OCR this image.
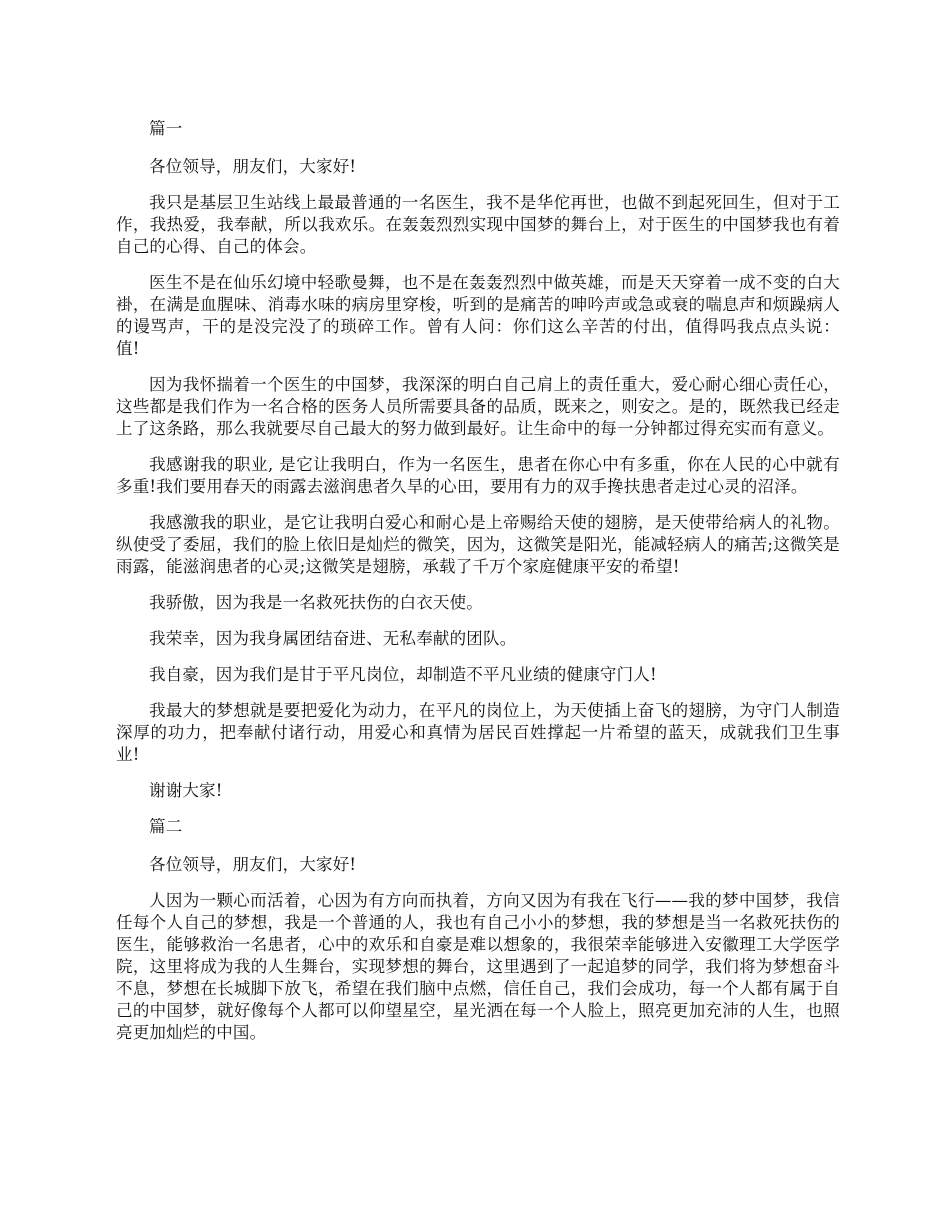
篇一

各位领导，朋友们，大家好!

我只是基层卫生站线上最最普通的一名医生，我不是华佗再世，也做不到起死回生，但对于工作，我热爱，我奉献，所以我欢乐。在轰轰烈烈实现中国梦的舞台上，对于医生的中国梦我也有着自己的心得、自己的体会。

医生不是在仙乐幻境中轻歌曼舞，也不是在轰轰烈烈中做英雄，而是天天穿着一成不变的白大褂，在满是血腥味、消毒水味的病房里穿梭，听到的是痛苦的呻吟声或急或衰的喘息声和烦躁病人的谩骂声，干的是没完没了的琐碎工作。曾有人问：你们这么辛苦的付出，值得吗我点点头说：值!

因为我怀揣着一个医生的中国梦，我深深的明白自己肩上的责任重大，爱心耐心细心责任心，这些都是我们作为一名合格的医务人员所需要具备的品质，既来之，则安之。是的，既然我已经走上了这条路，那么我就要尽自己最大的努力做到最好。让生命中的每一分钟都过得充实而有意义。

我感谢我的职业, 是它让我明白，作为一名医生，患者在你心中有多重，你在人民的心中就有多重!我们要用春天的雨露去滋润患者久旱的心田，要用有力的双手搀扶患者走过心灵的沼泽。

我感激我的职业，是它让我明白爱心和耐心是上帝赐给天使的翅膀，是天使带给病人的礼物。纵使受了委屈，我们的脸上依旧是灿烂的微笑，因为，这微笑是阳光，能减轻病人的痛苦;这微笑是雨露，能滋润患者的心灵;这微笑是翅膀，承载了千万个家庭健康平安的希望!

我骄傲，因为我是一名救死扶伤的白衣天使。

我荣幸，因为我身属团结奋进、无私奉献的团队。

我自豪，因为我们是甘于平凡岗位，却制造不平凡业绩的健康守门人!

我最大的梦想就是要把爱化为动力，在平凡的岗位上，为天使插上奋飞的翅膀，为守门人制造深厚的功力，把奉献付诸行动，用爱心和真情为居民百姓撑起一片希望的蓝天，成就我们卫生事业!

谢谢大家!

篇二

各位领导，朋友们，大家好!

人因为一颗心而活着，心因为有方向而执着，方向又因为有我在飞行——我的梦中国梦，我信任每个人自己的梦想，我是一个普通的人，我也有自己小小的梦想，我的梦想是当一名救死扶伤的医生，能够救治一名患者，心中的欢乐和自豪是难以想象的，我很荣幸能够进入安徽理工大学医学院，这里将成为我的人生舞台，实现梦想的舞台，这里遇到了一起追梦的同学，我们将为梦想奋斗不息，梦想在长城脚下放飞，希望在我们脑中点燃，信任自己，我们会成功，每一个人都有属于自己的中国梦，就好像每个人都可以仰望星空，星光洒在每一个人脸上，照亮更加充沛的人生，也照亮更加灿烂的中国。
